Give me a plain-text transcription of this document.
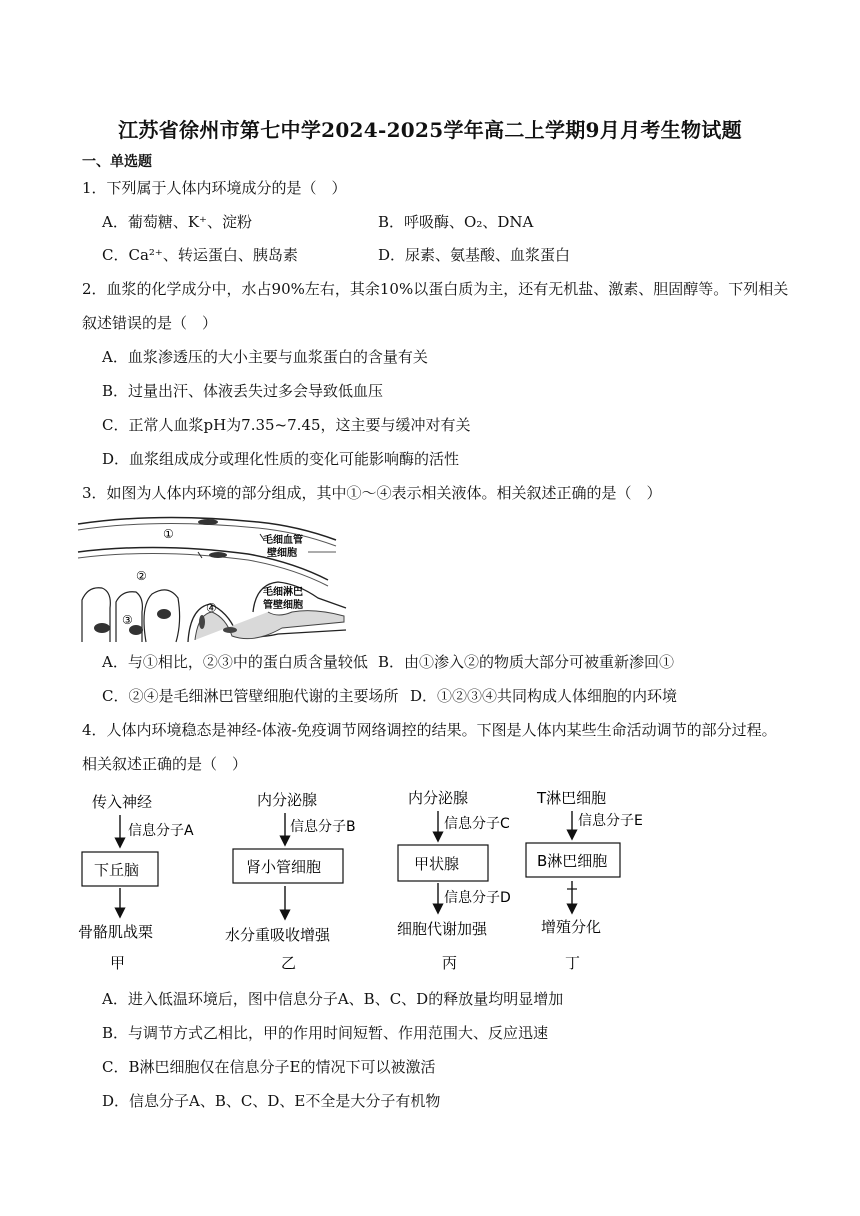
江苏省徐州市第七中学2024-2025学年高二上学期9月月考生物试题
一、单选题
1．下列属于人体内环境成分的是（　）
A．葡萄糖、K⁺、淀粉	B．呼吸酶、O₂、DNA
C．Ca²⁺、转运蛋白、胰岛素	D．尿素、氨基酸、血浆蛋白
2．血浆的化学成分中，水占90%左右，其余10%以蛋白质为主，还有无机盐、激素、胆固醇等。下列相关
叙述错误的是（　）
A．血浆渗透压的大小主要与血浆蛋白的含量有关
B．过量出汗、体液丢失过多会导致低血压
C．正常人血浆pH为7.35~7.45，这主要与缓冲对有关
D．血浆组成成分或理化性质的变化可能影响酶的活性
3．如图为人体内环境的部分组成，其中①～④表示相关液体。相关叙述正确的是（　）
①
②
③
④
毛细血管
壁细胞
毛细淋巴
管壁细胞
A．与①相比，②③中的蛋白质含量较低 B．由①渗入②的物质大部分可被重新渗回①
C．②④是毛细淋巴管壁细胞代谢的主要场所 D．①②③④共同构成人体细胞的内环境
4．人体内环境稳态是神经-体液-免疫调节网络调控的结果。下图是人体内某些生命活动调节的部分过程。
相关叙述正确的是（　）
传入神经
信息分子A
下丘脑
骨骼肌战栗
甲
内分泌腺
信息分子B
肾小管细胞
水分重吸收增强
乙
内分泌腺
信息分子C
甲状腺
信息分子D
细胞代谢加强
丙
T淋巴细胞
信息分子E
B淋巴细胞
增殖分化
丁
A．进入低温环境后，图中信息分子A、B、C、D的释放量均明显增加
B．与调节方式乙相比，甲的作用时间短暂、作用范围大、反应迅速
C．B淋巴细胞仅在信息分子E的情况下可以被激活
D．信息分子A、B、C、D、E不全是大分子有机物
